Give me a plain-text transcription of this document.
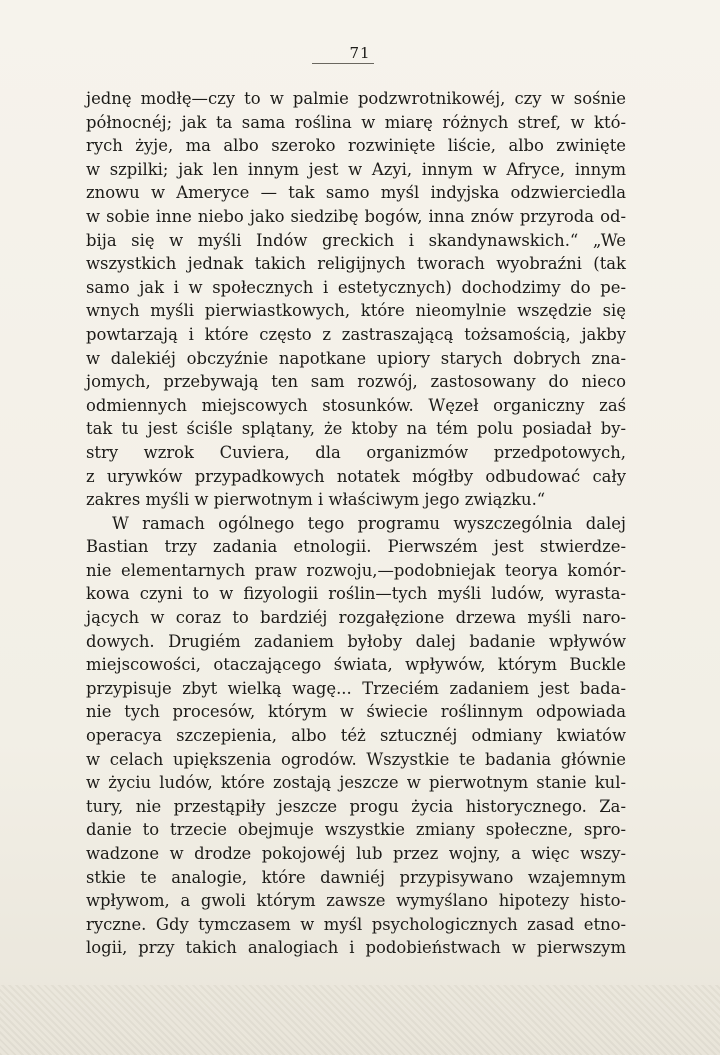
71
jednę modłę—czy to w palmie podzwrotnikowéj, czy w sośnie
północnéj; jak ta sama roślina w miarę różnych stref, w któ-
rych żyje, ma albo szeroko rozwinięte liście, albo zwinięte
w szpilki; jak len innym jest w Azyi, innym w Afryce, innym
znowu w Ameryce — tak samo myśl indyjska odzwierciedla
w sobie inne niebo jako siedzibę bogów, inna znów przyroda od-
bija się w myśli Indów greckich i skandynawskich.“ „We
wszystkich jednak takich religijnych tworach wyobraźni (tak
samo jak i w społecznych i estetycznych) dochodzimy do pe-
wnych myśli pierwiastkowych, które nieomylnie wszędzie się
powtarzają i które często z zastraszającą tożsamością, jakby
w dalekiéj obczyźnie napotkane upiory starych dobrych zna-
jomych, przebywają ten sam rozwój, zastosowany do nieco
odmiennych miejscowych stosunków. Węzeł organiczny zaś
tak tu jest ściśle splątany, że ktoby na tém polu posiadał by-
stry wzrok Cuviera, dla organizmów przedpotowych,
z urywków przypadkowych notatek mógłby odbudować cały
zakres myśli w pierwotnym i właściwym jego związku.“
W ramach ogólnego tego programu wyszczególnia dalej
Bastian trzy zadania etnologii. Pierwszém jest stwierdze-
nie elementarnych praw rozwoju,—podobniejak teorya komór-
kowa czyni to w fizyologii roślin—tych myśli ludów, wyrasta-
jących w coraz to bardziéj rozgałęzione drzewa myśli naro-
dowych. Drugiém zadaniem byłoby dalej badanie wpływów
miejscowości, otaczającego świata, wpływów, którym Buckle
przypisuje zbyt wielką wagę... Trzeciém zadaniem jest bada-
nie tych procesów, którym w świecie roślinnym odpowiada
operacya szczepienia, albo téż sztucznéj odmiany kwiatów
w celach upiększenia ogrodów. Wszystkie te badania głównie
w życiu ludów, które zostają jeszcze w pierwotnym stanie kul-
tury, nie przestąpiły jeszcze progu życia historycznego. Za-
danie to trzecie obejmuje wszystkie zmiany społeczne, spro-
wadzone w drodze pokojowéj lub przez wojny, a więc wszy-
stkie te analogie, które dawniéj przypisywano wzajemnym
wpływom, a gwoli którym zawsze wymyślano hipotezy histo-
ryczne. Gdy tymczasem w myśl psychologicznych zasad etno-
logii, przy takich analogiach i podobieństwach w pierwszym
